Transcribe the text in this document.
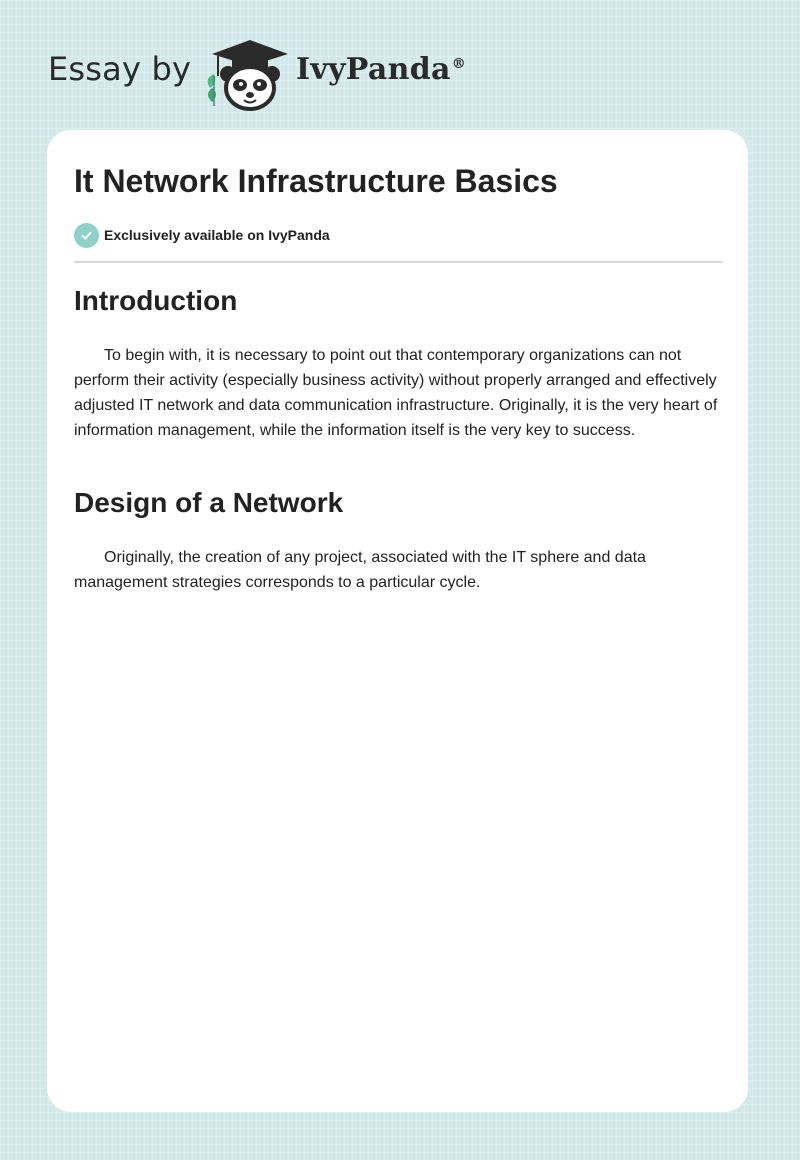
Essay by	IvyPanda®
It Network Infrastructure Basics
Exclusively available on IvyPanda
Introduction

To begin with, it is necessary to point out that contemporary organizations can not perform their activity (especially business activity) without properly arranged and effectively adjusted IT network and data communication infrastructure. Originally, it is the very heart of information management, while the information itself is the very key to success.

Design of a Network

Originally, the creation of any project, associated with the IT sphere and data management strategies corresponds to a particular cycle.
